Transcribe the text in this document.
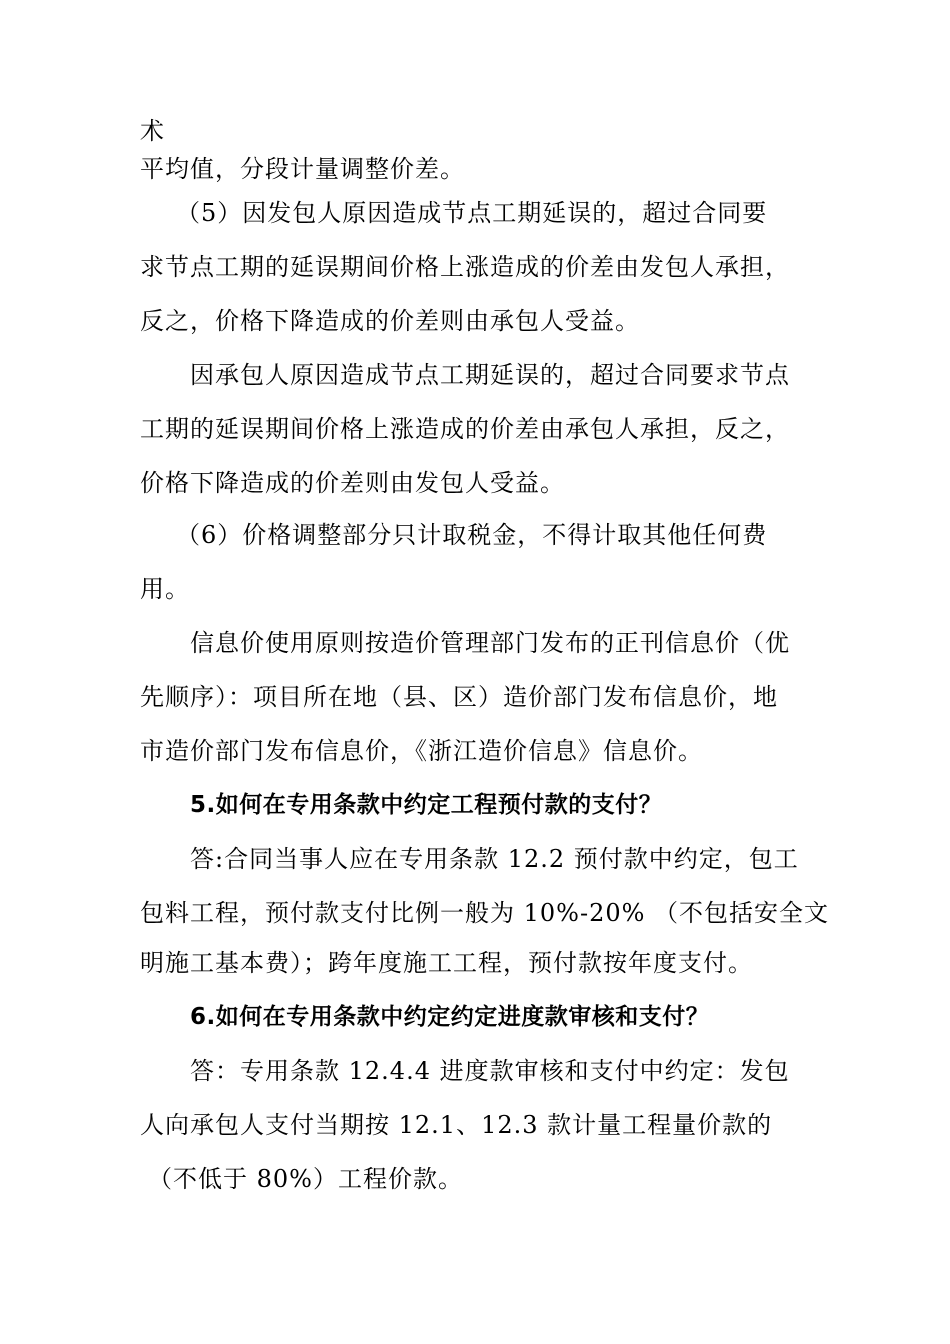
术
平均值，分段计量调整价差。
（5）因发包人原因造成节点工期延误的，超过合同要
求节点工期的延误期间价格上涨造成的价差由发包人承担，
反之，价格下降造成的价差则由承包人受益。
因承包人原因造成节点工期延误的，超过合同要求节点
工期的延误期间价格上涨造成的价差由承包人承担，反之，
价格下降造成的价差则由发包人受益。
（6）价格调整部分只计取税金，不得计取其他任何费
用。
信息价使用原则按造价管理部门发布的正刊信息价（优
先顺序）：项目所在地（县、区）造价部门发布信息价，地
市造价部门发布信息价，《浙江造价信息》信息价。
5.如何在专用条款中约定工程预付款的支付？
答:合同当事人应在专用条款 12.2 预付款中约定，包工
包料工程，预付款支付比例一般为 10%-20% （不包括安全文
明施工基本费）；跨年度施工工程，预付款按年度支付。
6.如何在专用条款中约定约定进度款审核和支付？
答：专用条款 12.4.4 进度款审核和支付中约定：发包
人向承包人支付当期按 12.1、12.3 款计量工程量价款的
（不低于 80%）工程价款。
